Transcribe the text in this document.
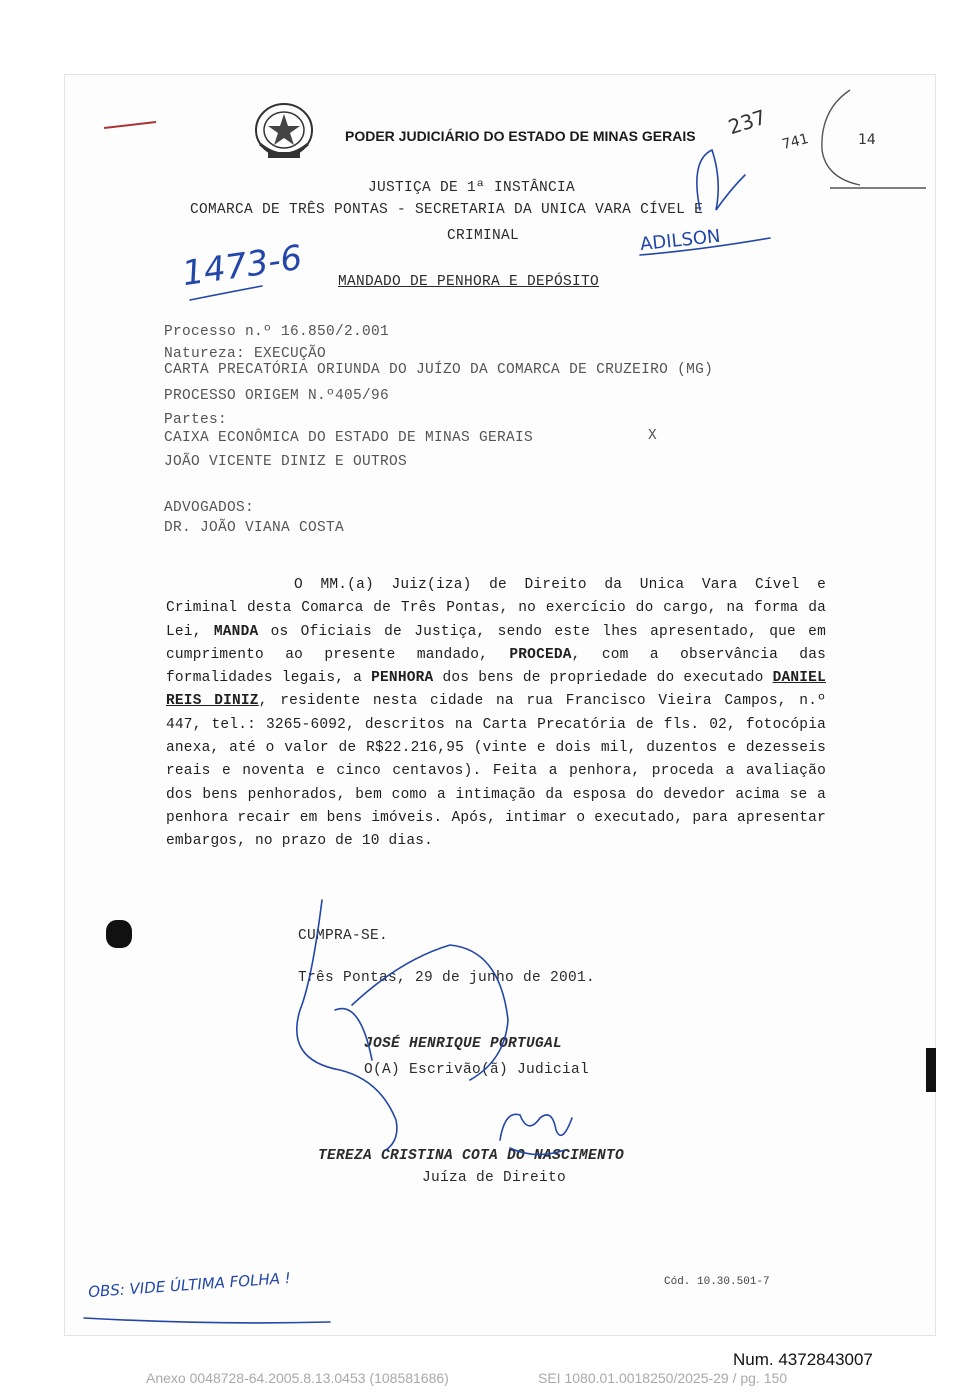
PODER JUDICIÁRIO DO ESTADO DE MINAS GERAIS
JUSTIÇA DE 1ª INSTÂNCIA
COMARCA DE TRÊS PONTAS - SECRETARIA DA UNICA VARA CÍVEL E
CRIMINAL
MANDADO DE PENHORA E DEPÓSITO
Processo n.º 16.850/2.001
Natureza: EXECUÇÃO
CARTA PRECATÓRIA ORIUNDA DO JUÍZO DA COMARCA DE CRUZEIRO (MG)
PROCESSO ORIGEM N.º405/96
Partes:
CAIXA ECONÔMICA DO ESTADO DE MINAS GERAIS	X
JOÃO VICENTE DINIZ E OUTROS
ADVOGADOS:
DR. JOÃO VIANA COSTA
O MM.(a) Juiz(iza) de Direito da Unica Vara Cível e Criminal desta Comarca de Três Pontas, no exercício do cargo, na forma da Lei, MANDA os Oficiais de Justiça, sendo este lhes apresentado, que em cumprimento ao presente mandado, PROCEDA, com a observância das formalidades legais, a PENHORA dos bens de propriedade do executado DANIEL REIS DINIZ, residente nesta cidade na rua Francisco Vieira Campos, n.º 447, tel.: 3265-6092, descritos na Carta Precatória de fls. 02, fotocópia anexa, até o valor de R$22.216,95 (vinte e dois mil, duzentos e dezesseis reais e noventa e cinco centavos). Feita a penhora, proceda a avaliação dos bens penhorados, bem como a intimação da esposa do devedor acima se a penhora recair em bens imóveis. Após, intimar o executado, para apresentar embargos, no prazo de 10 dias.
CUMPRA-SE.
Três Pontas, 29 de junho de 2001.
JOSÉ HENRIQUE PORTUGAL
O(A) Escrivão(ã) Judicial
TEREZA CRISTINA COTA DO NASCIMENTO
Juíza de Direito
Cód. 10.30.501-7
1473-6	ADILSON
237
741	14
OBS: VIDE ÚLTIMA FOLHA !
Num. 4372843007
Anexo 0048728-64.2005.8.13.0453 (108581686)	SEI 1080.01.0018250/2025-29 / pg. 150
